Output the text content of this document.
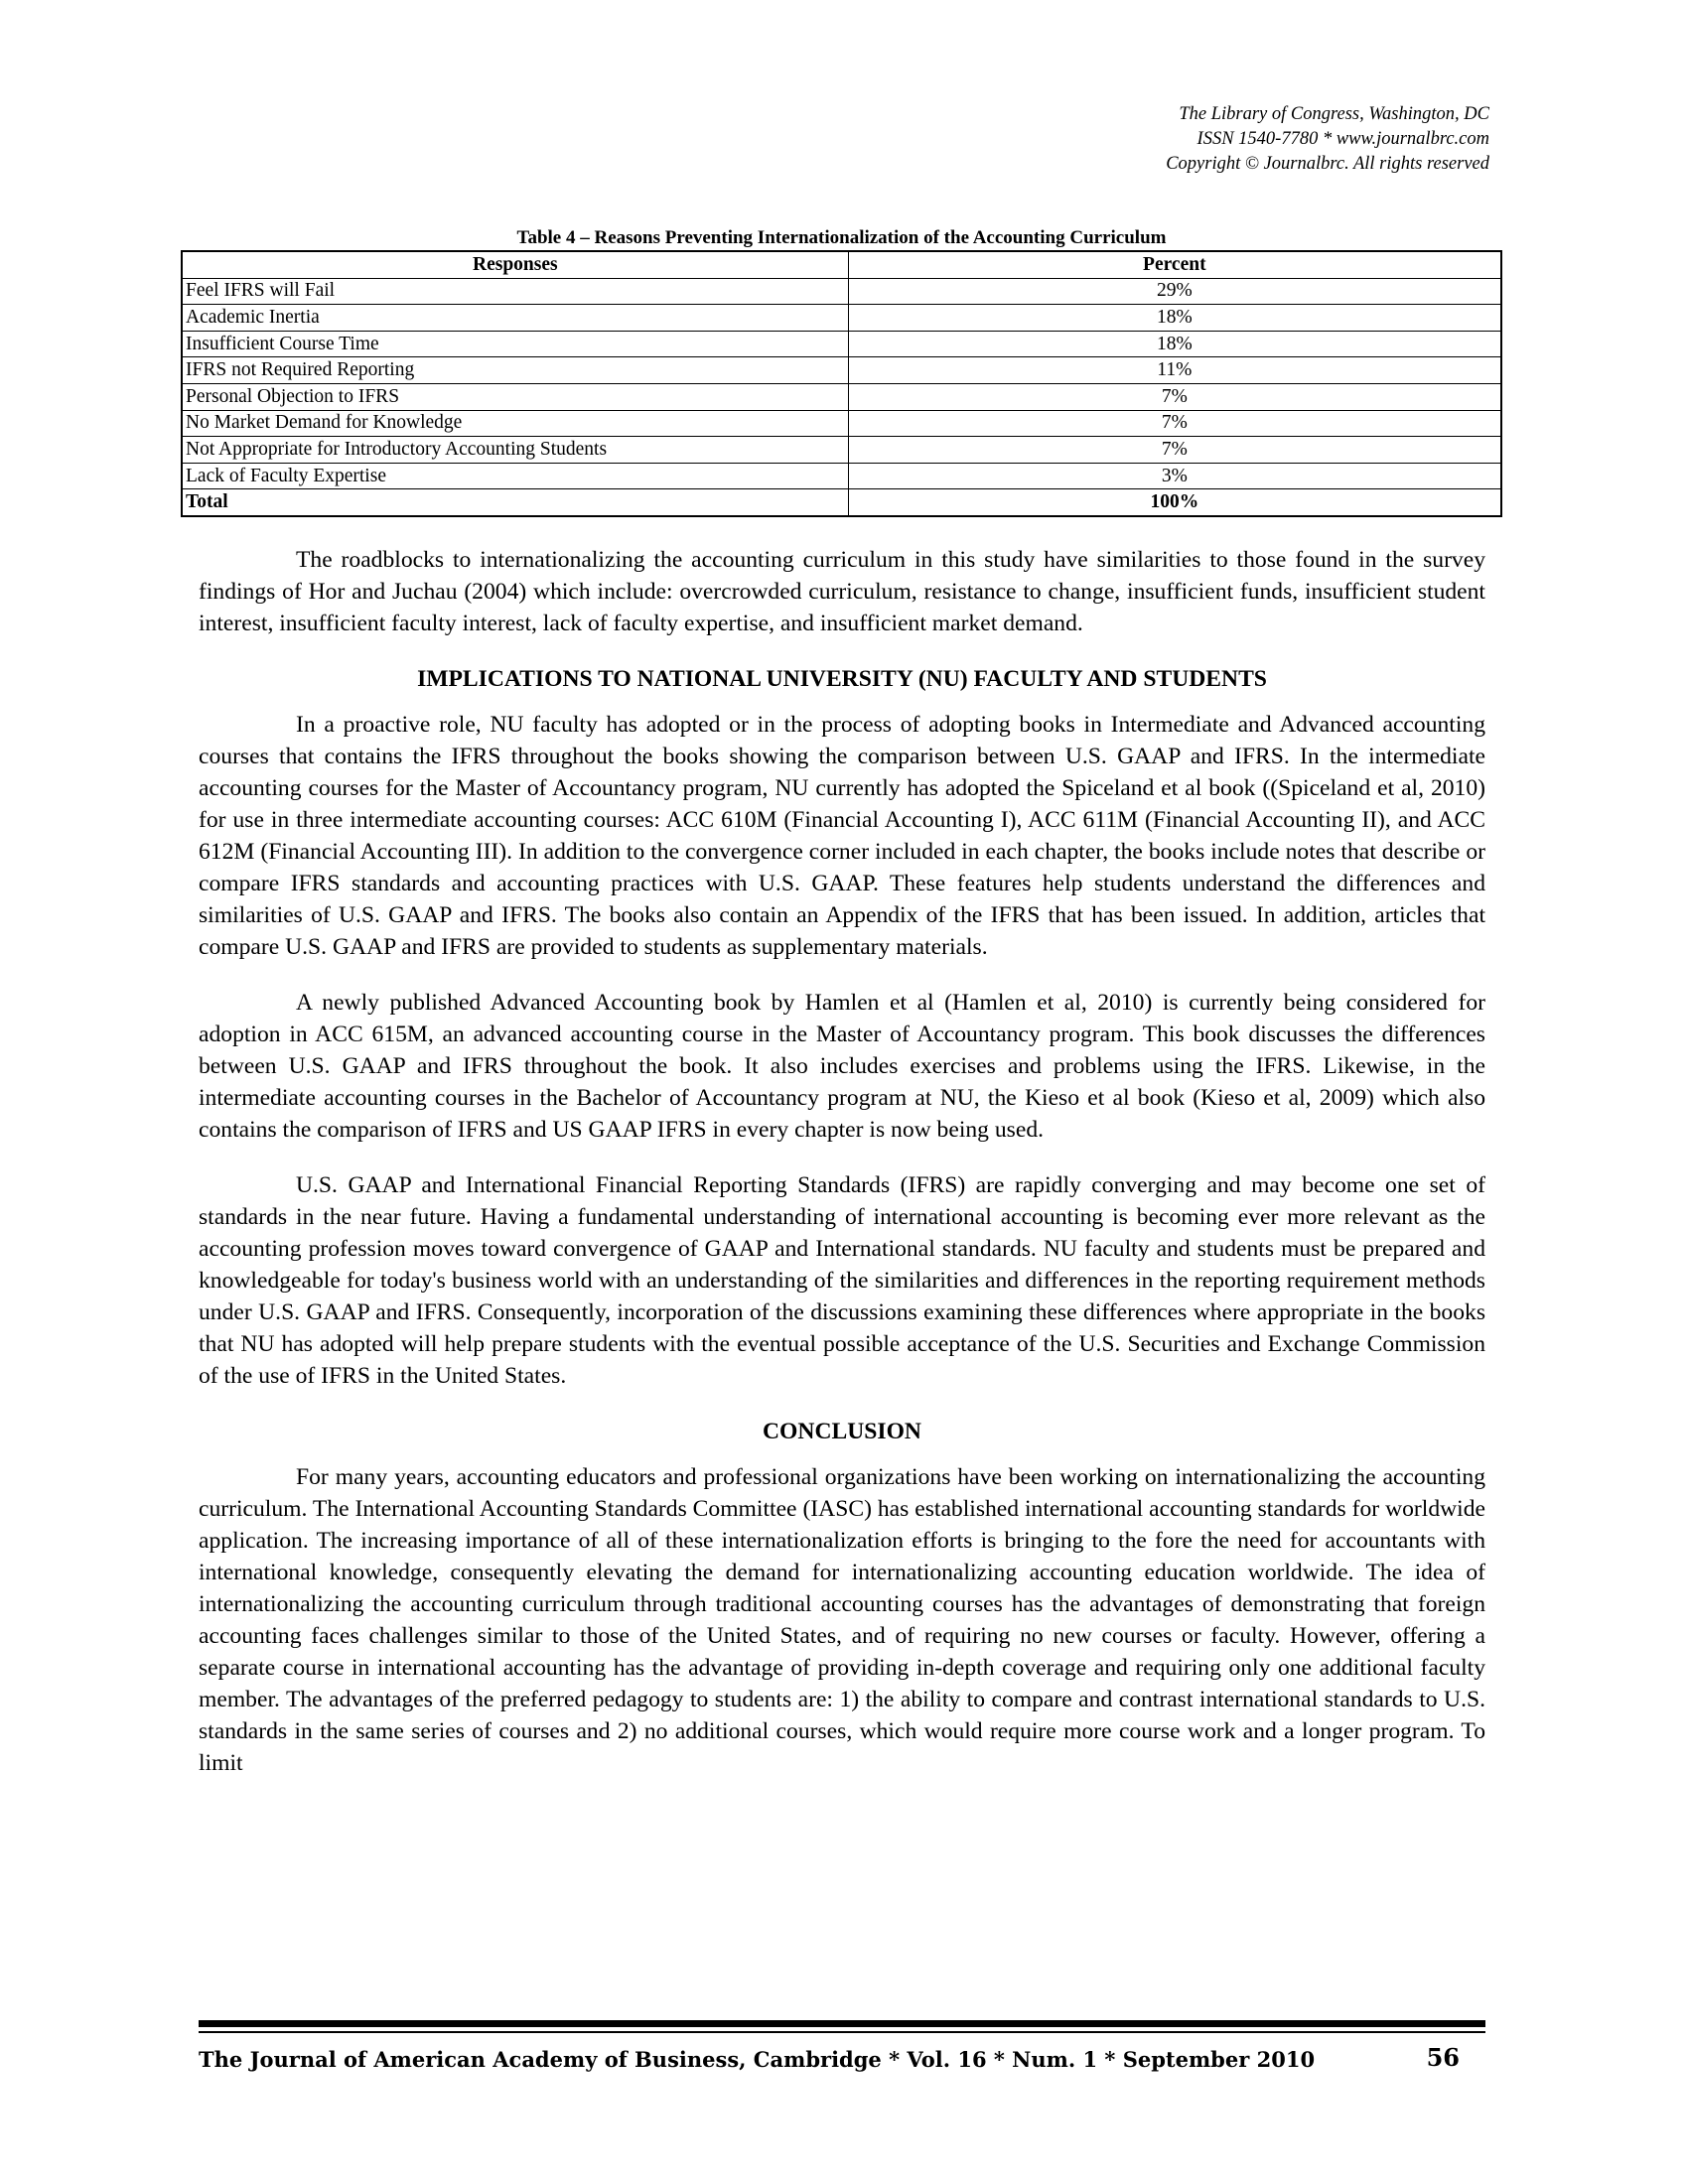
The Library of Congress, Washington, DC
ISSN 1540-7780 * www.journalbrc.com
Copyright © Journalbrc. All rights reserved
Table 4 – Reasons Preventing Internationalization of the Accounting Curriculum
Responses	Percent
Feel IFRS will Fail	29%
Academic Inertia	18%
Insufficient Course Time	18%
IFRS not Required Reporting	11%
Personal Objection to IFRS	7%
No Market Demand for Knowledge	7%
Not Appropriate for Introductory Accounting Students	7%
Lack of Faculty Expertise	3%
Total	100%

The roadblocks to internationalizing the accounting curriculum in this study have similarities to those found in the survey findings of Hor and Juchau (2004) which include: overcrowded curriculum, resistance to change, insufficient funds, insufficient student interest, insufficient faculty interest, lack of faculty expertise, and insufficient market demand.

IMPLICATIONS TO NATIONAL UNIVERSITY (NU) FACULTY AND STUDENTS

In a proactive role, NU faculty has adopted or in the process of adopting books in Intermediate and Advanced accounting courses that contains the IFRS throughout the books showing the comparison between U.S. GAAP and IFRS. In the intermediate accounting courses for the Master of Accountancy program, NU currently has adopted the Spiceland et al book ((Spiceland et al, 2010) for use in three intermediate accounting courses: ACC 610M (Financial Accounting I), ACC 611M (Financial Accounting II), and ACC 612M (Financial Accounting III). In addition to the convergence corner included in each chapter, the books include notes that describe or compare IFRS standards and accounting practices with U.S. GAAP. These features help students understand the differences and similarities of U.S. GAAP and IFRS. The books also contain an Appendix of the IFRS that has been issued. In addition, articles that compare U.S. GAAP and IFRS are provided to students as supplementary materials.

A newly published Advanced Accounting book by Hamlen et al (Hamlen et al, 2010) is currently being considered for adoption in ACC 615M, an advanced accounting course in the Master of Accountancy program. This book discusses the differences between U.S. GAAP and IFRS throughout the book. It also includes exercises and problems using the IFRS. Likewise, in the intermediate accounting courses in the Bachelor of Accountancy program at NU, the Kieso et al book (Kieso et al, 2009) which also contains the comparison of IFRS and US GAAP IFRS in every chapter is now being used.

U.S. GAAP and International Financial Reporting Standards (IFRS) are rapidly converging and may become one set of standards in the near future. Having a fundamental understanding of international accounting is becoming ever more relevant as the accounting profession moves toward convergence of GAAP and International standards. NU faculty and students must be prepared and knowledgeable for today's business world with an understanding of the similarities and differences in the reporting requirement methods under U.S. GAAP and IFRS. Consequently, incorporation of the discussions examining these differences where appropriate in the books that NU has adopted will help prepare students with the eventual possible acceptance of the U.S. Securities and Exchange Commission of the use of IFRS in the United States.

CONCLUSION

For many years, accounting educators and professional organizations have been working on internationalizing the accounting curriculum. The International Accounting Standards Committee (IASC) has established international accounting standards for worldwide application. The increasing importance of all of these internationalization efforts is bringing to the fore the need for accountants with international knowledge, consequently elevating the demand for internationalizing accounting education worldwide. The idea of internationalizing the accounting curriculum through traditional accounting courses has the advantages of demonstrating that foreign accounting faces challenges similar to those of the United States, and of requiring no new courses or faculty. However, offering a separate course in international accounting has the advantage of providing in-depth coverage and requiring only one additional faculty member. The advantages of the preferred pedagogy to students are: 1) the ability to compare and contrast international standards to U.S. standards in the same series of courses and 2) no additional courses, which would require more course work and a longer program. To limit

The Journal of American Academy of Business, Cambridge * Vol. 16 * Num. 1 * September 2010	56
